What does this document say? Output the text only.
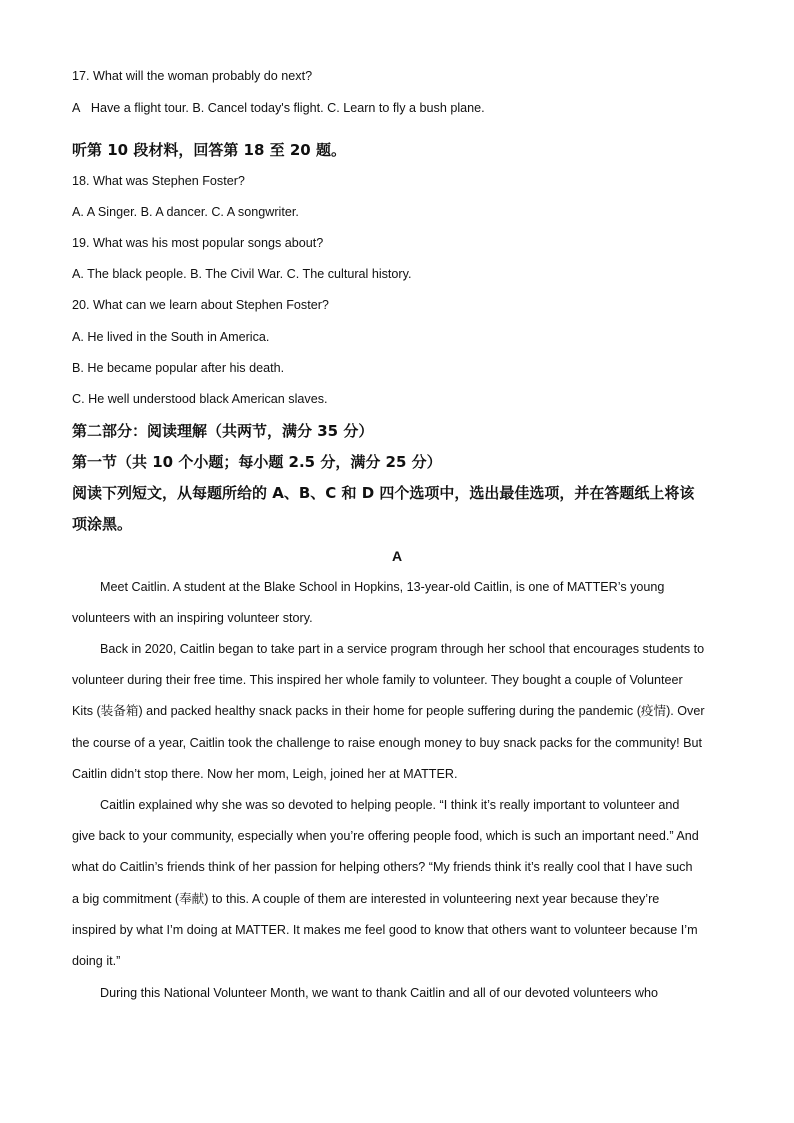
17. What will the woman probably do next?
A   Have a flight tour. B. Cancel today's flight. C. Learn to fly a bush plane.
听第 10 段材料，回答第 18 至 20 题。
18. What was Stephen Foster?
A. A Singer. B. A dancer. C. A songwriter.
19. What was his most popular songs about?
A. The black people. B. The Civil War. C. The cultural history.
20. What can we learn about Stephen Foster?
A. He lived in the South in America.
B. He became popular after his death.
C. He well understood black American slaves.
第二部分：阅读理解（共两节，满分 35 分）
第一节（共 10 个小题；每小题 2.5 分，满分 25 分）
阅读下列短文，从每题所给的 A、B、C 和 D 四个选项中，选出最佳选项，并在答题纸上将该
项涂黑。
A
Meet Caitlin. A student at the Blake School in Hopkins, 13-year-old Caitlin, is one of MATTER’s young
volunteers with an inspiring volunteer story.
Back in 2020, Caitlin began to take part in a service program through her school that encourages students to
volunteer during their free time. This inspired her whole family to volunteer. They bought a couple of Volunteer
Kits (装备箱) and packed healthy snack packs in their home for people suffering during the pandemic (疫情). Over
the course of a year, Caitlin took the challenge to raise enough money to buy snack packs for the community! But
Caitlin didn’t stop there. Now her mom, Leigh, joined her at MATTER.
Caitlin explained why she was so devoted to helping people. “I think it’s really important to volunteer and
give back to your community, especially when you’re offering people food, which is such an important need.” And
what do Caitlin’s friends think of her passion for helping others? “My friends think it’s really cool that I have such
a big commitment (奉献) to this. A couple of them are interested in volunteering next year because they’re
inspired by what I’m doing at MATTER. It makes me feel good to know that others want to volunteer because I’m
doing it.”
During this National Volunteer Month, we want to thank Caitlin and all of our devoted volunteers who
